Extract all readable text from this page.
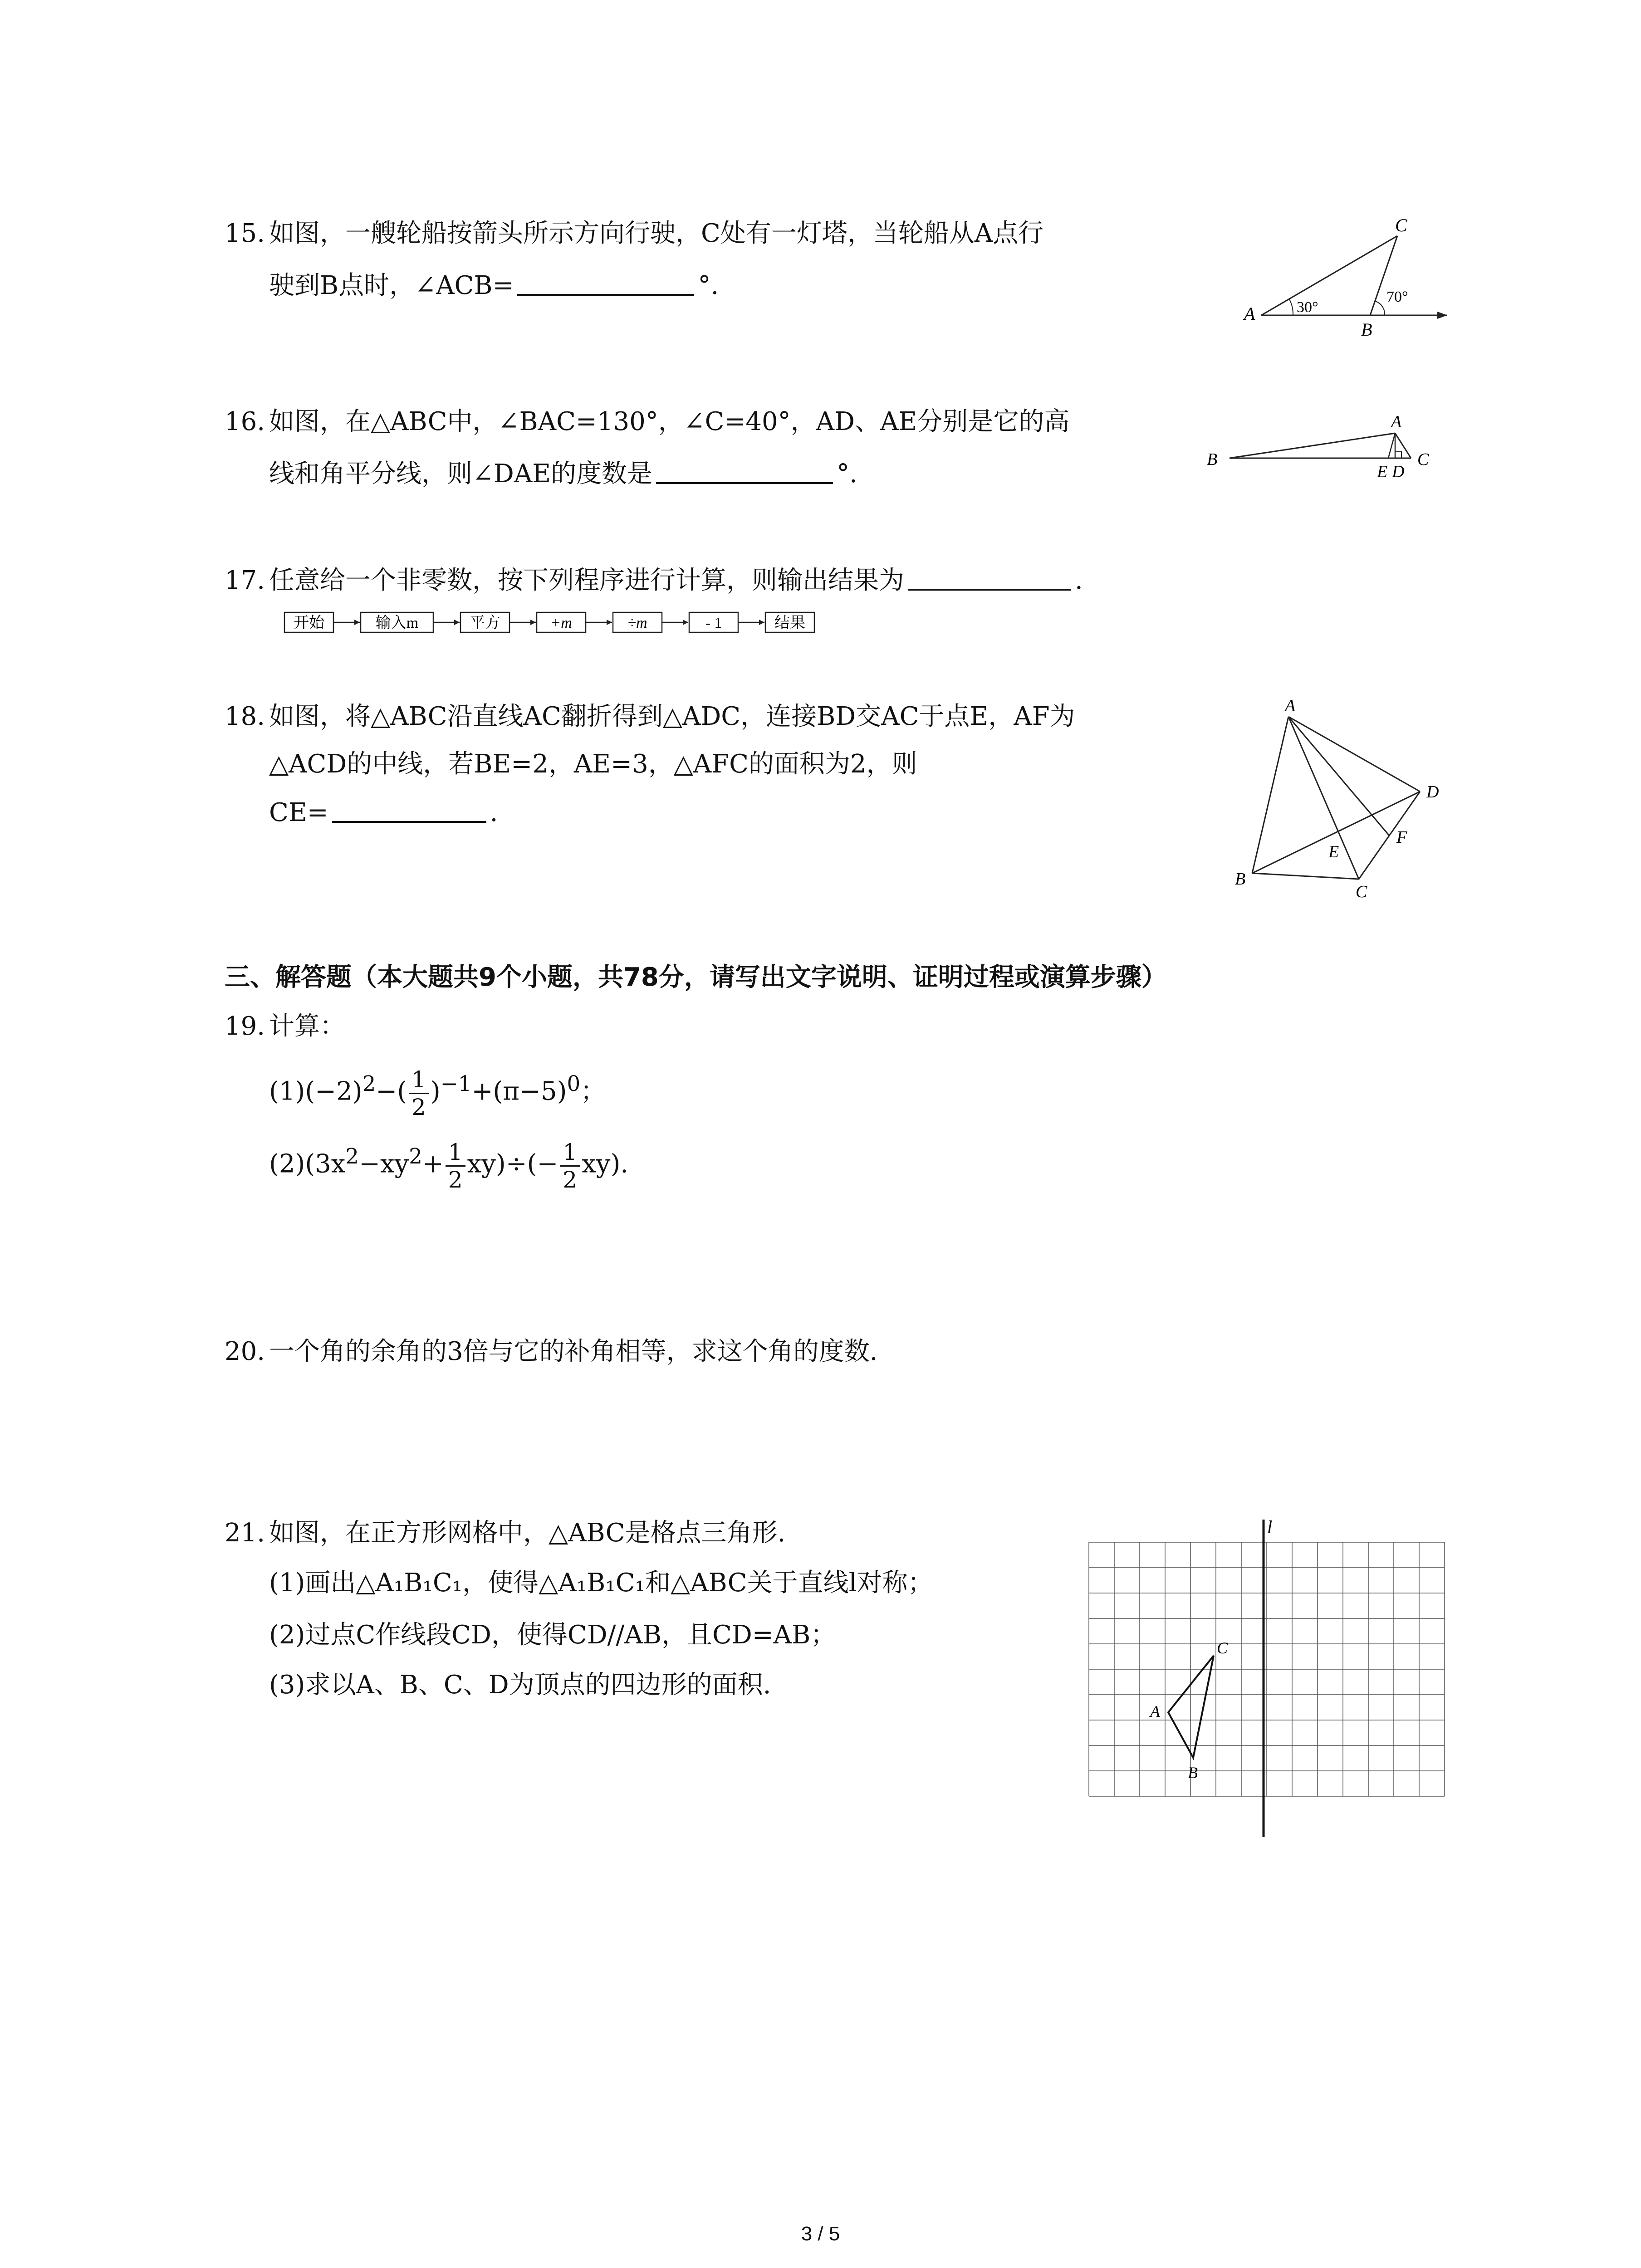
15. 如图，一艘轮船按箭头所示方向行驶，C处有一灯塔，当轮船从A点行
驶到B点时，∠ACB=	°.
C
A
B
30°
70°
16. 如图，在△ABC中，∠BAC=130°，∠C=40°，AD、AE分别是它的高
线和角平分线，则∠DAE的度数是	°.
A
B	C
E D
17. 任意给一个非零数，按下列程序进行计算，则输出结果为	.
开始	输入m	平方	+m	÷m	- 1	结果
18. 如图，将△ABC沿直线AC翻折得到△ADC，连接BD交AC于点E，AF为
△ACD的中线，若BE=2，AE=3，△AFC的面积为2，则
CE=	.
A
B
C
D
E
F
三、解答题（本大题共9个小题，共78分，请写出文字说明、证明过程或演算步骤）
19. 计算：
$(1)(-2)^2-( \frac{1}{2} )^{-1}+(\pi-5)^0$；
$(2)(3x^2-xy^2+ \frac{1}{2} xy)\div(- \frac{1}{2} xy)$.
20. 一个角的余角的3倍与它的补角相等，求这个角的度数.
21. 如图，在正方形网格中，△ABC是格点三角形.
(1)画出△A₁B₁C₁，使得△A₁B₁C₁和△ABC关于直线l对称；
(2)过点C作线段CD，使得CD//AB，且CD=AB；
(3)求以A、B、C、D为顶点的四边形的面积.
l
A
B
C
3 / 5
